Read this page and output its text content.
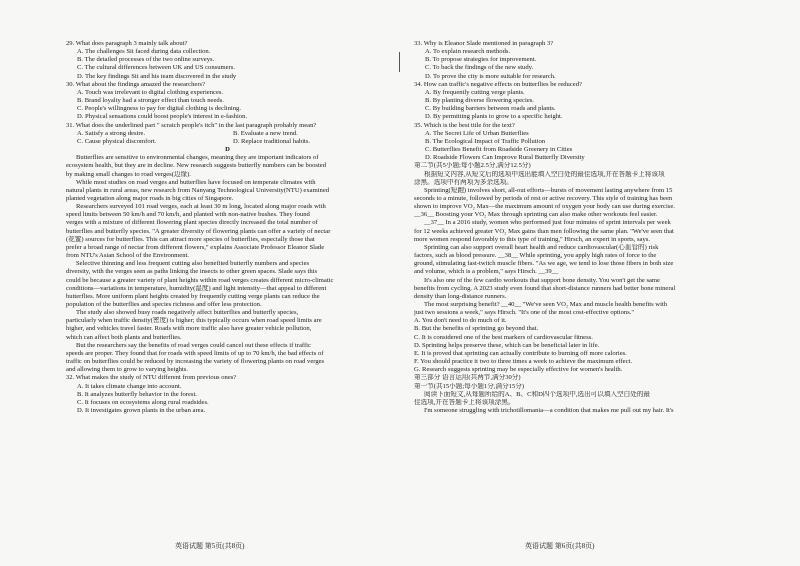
29. What does paragraph 3 mainly talk about?
A. The challenges Sit faced during data collection.
B. The detailed processes of the two online surveys.
C. The cultural differences between UK and US consumers.
D. The key findings Sit and his team discovered in the study
30. What about the findings amazed the researchers?
A. Touch was irrelevant to digital clothing experiences.
B. Brand loyalty had a stronger effect than touch needs.
C. People's willingness to pay for digital clothing is declining.
D. Physical sensations could boost people's interest in e-fashion.
31. What does the underlined part " scratch people's itch" in the last paragraph probably mean?
A. Satisfy a strong desire.	B. Evaluate a new trend.
C. Cause physical discomfort.	D. Replace traditional habits.
D
Butterflies are sensitive to environmental changes, meaning they are important indicators of
ecosystem health, but they are in decline. New research suggests butterfly numbers can be boosted
by making small changes to road verges(边缘).
While most studies on road verges and butterflies have focused on temperate climates with
natural plants in rural areas, new research from Nanyang Technological University(NTU) examined
planted vegetation along major roads in big cities of Singapore.
Researchers surveyed 101 road verges, each at least 30 m long, located along major roads with
speed limits between 50 km/h and 70 km/h, and planted with non-native bushes. They found
verges with a mixture of different flowering plant species directly increased the total number of
butterflies and butterfly species. "A greater diversity of flowering plants can offer a variety of nectar
(花蜜) sources for butterflies. This can attract more species of butterflies, especially those that
prefer a broad range of nectar from different flowers," explains Associate Professor Eleanor Slade
from NTU's Asian School of the Environment.
Selective thinning and less frequent cutting also benefited butterfly numbers and species
diversity, with the verges seen as paths linking the insects to other green spaces. Slade says this
could be because a greater variety of plant heights within road verges creates different micro-climatic
conditions—variations in temperature, humidity(湿度) and light intensity—that appeal to different
butterflies. More uniform plant heights created by frequently cutting verge plants can reduce the
population of the butterflies and species richness and offer less protection.
The study also showed busy roads negatively affect butterflies and butterfly species,
particularly when traffic density(密度) is higher; this typically occurs when road speed limits are
higher, and vehicles travel faster. Roads with more traffic also have greater vehicle pollution,
which can affect both plants and butterflies.
But the researchers say the benefits of road verges could cancel out these effects if traffic
speeds are proper. They found that for roads with speed limits of up to 70 km/h, the bad effects of
traffic on butterflies could be reduced by increasing the variety of flowering plants on road verges
and allowing them to grow to varying heights.
32. What makes the study of NTU different from previous ones?
A. It takes climate change into account.
B. It analyzes butterfly behavior in the forest.
C. It focuses on ecosystems along rural roadsides.
D. It investigates grown plants in the urban area.
33. Why is Eleanor Slade mentioned in paragraph 3?
A. To explain research methods.
B. To propose strategies for improvement.
C. To back the findings of the new study.
D. To prove the city is more suitable for research.
34. How can traffic's negative effects on butterflies be reduced?
A. By frequently cutting verge plants.
B. By planting diverse flowering species.
C. By building barriers between roads and plants.
D. By permitting plants to grow to a specific height.
35. Which is the best title for the text?
A. The Secret Life of Urban Butterflies
B. The Ecological Impact of Traffic Pollution
C. Butterflies Benefit from Roadside Greenery in Cities
D. Roadside Flowers Can Improve Rural Butterfly Diversity
第二节(共5小题;每小题2.5分,满分12.5分)
根据短文内容,从短文后的选项中选出能填入空白处的最佳选项,并在答题卡上将该项
涂黑。选项中有两项为多余选项。
Sprinting(短跑) involves short, all-out efforts—bursts of movement lasting anywhere from 15
seconds to a minute, followed by periods of rest or active recovery. This style of training has been
shown to improve VO₂ Max—the maximum amount of oxygen your body can use during exercise.
__36__ Boosting your VO₂ Max through sprinting can also make other workouts feel easier.
__37__ In a 2016 study, women who performed just four minutes of sprint intervals per week
for 12 weeks achieved greater VO₂ Max gains than men following the same plan. "We've seen that
more women respond favorably to this type of training," Hirsch, an expert in sports, says.
Sprinting can also support overall heart health and reduce cardiovascular(心血管的) risk
factors, such as blood pressure. __38__ While sprinting, you apply high rates of force to the
ground, stimulating fast-twitch muscle fibers. "As we age, we tend to lose those fibers in both size
and volume, which is a problem," says Hirsch. __39__
It's also one of the few cardio workouts that support bone density. You won't get the same
benefits from cycling. A 2023 study even found that short-distance runners had better bone mineral
density than long-distance runners.
The most surprising benefit? __40__ "We've seen VO₂ Max and muscle health benefits with
just two sessions a week," says Hirsch. "It's one of the most cost-effective options."
A. You don't need to do much of it.
B. But the benefits of sprinting go beyond that.
C. It is considered one of the best markers of cardiovascular fitness.
D. Sprinting helps preserve these, which can be beneficial later in life.
E. It is proved that sprinting can actually contribute to burning off more calories.
F. You should practice it two to three times a week to achieve the maximum effect.
G. Research suggests sprinting may be especially effective for women's health.
第三部分 语言运用(共两节,满分30分)
第一节(共15小题;每小题1分,满分15分)
阅读下面短文,从每题所给的A、B、C和D四个选项中,选出可以填入空白处的最
佳选项,并在答题卡上将该项涂黑。
I'm someone struggling with trichotillomania—a condition that makes me pull out my hair. It's
英语试题 第5页(共8页)	英语试题 第6页(共8页)
